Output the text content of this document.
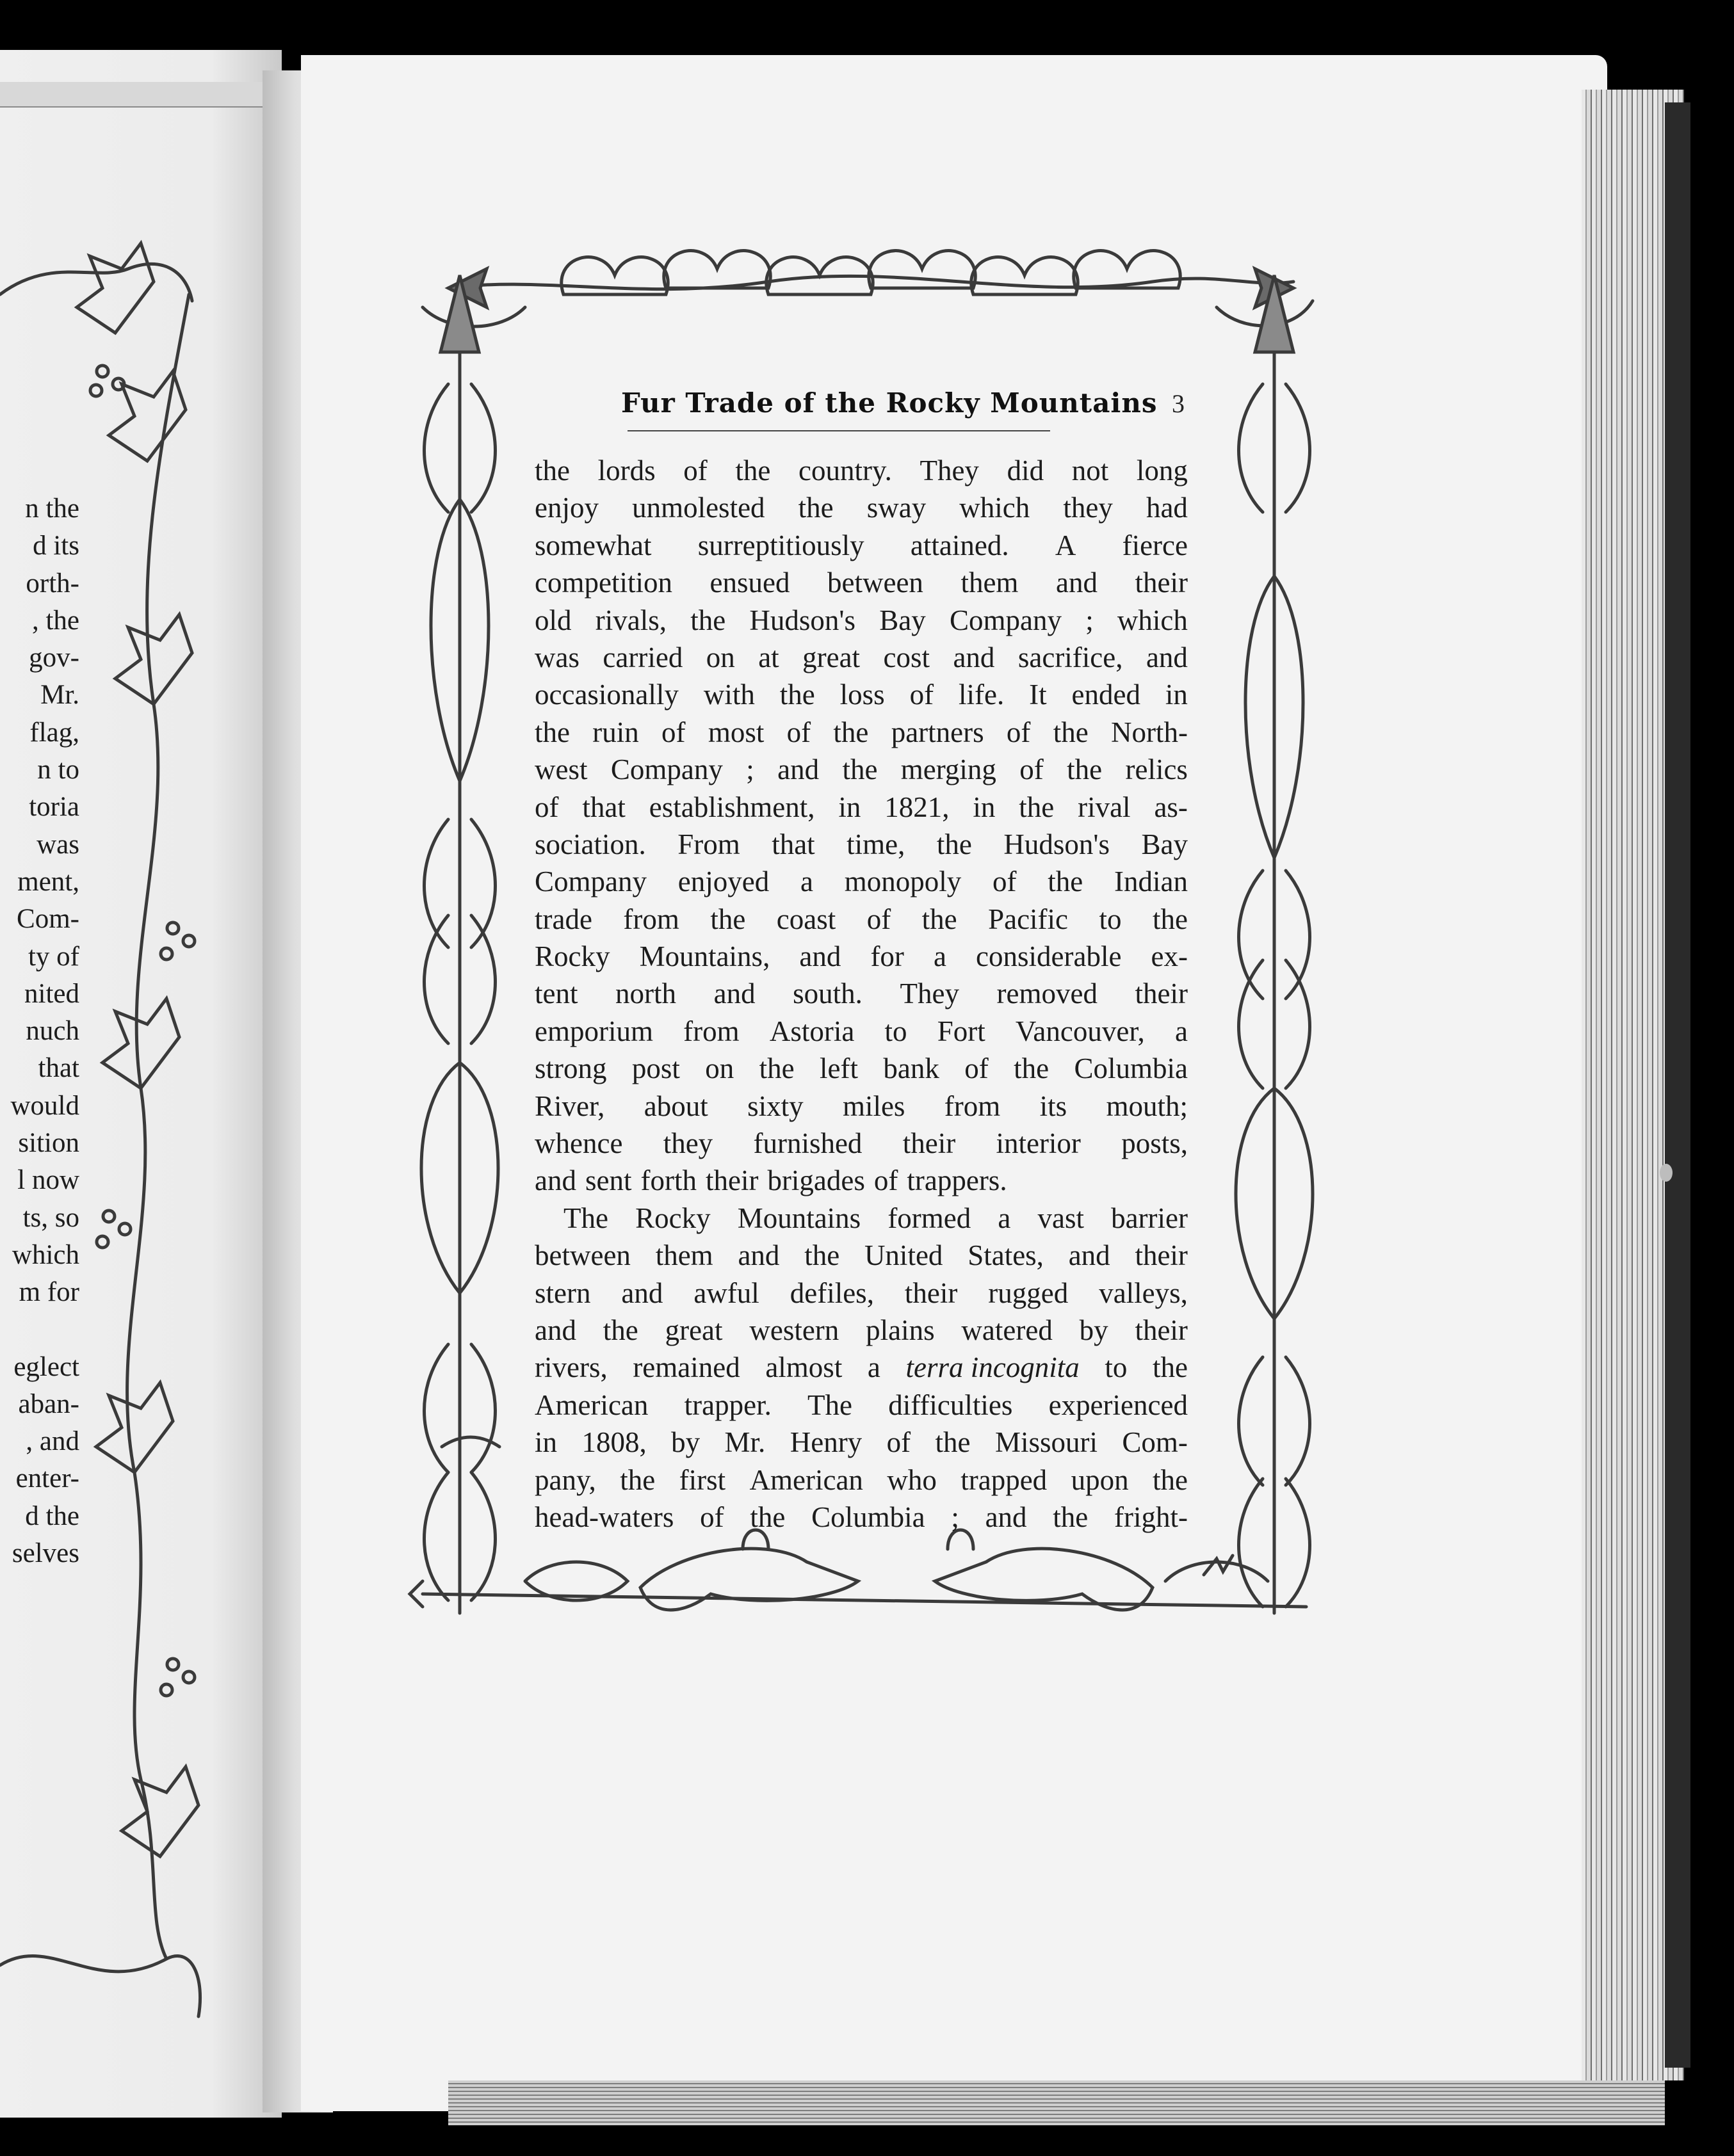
n the
d its
orth-
, the
gov-
Mr.
flag,
n to
toria
was
ment,
Com-
ty of
nited
nuch
that
would
sition
l now
ts, so
which
m for
eglect
aban-
, and
enter-
d the
selves
Fur Trade of the Rocky Mountains 3
the lords of the country. They did not long
enjoy unmolested the sway which they had
somewhat surreptitiously attained. A fierce
competition ensued between them and their
old rivals, the Hudson's Bay Company ; which
was carried on at great cost and sacrifice, and
occasionally with the loss of life. It ended in
the ruin of most of the partners of the North-
west Company ; and the merging of the relics
of that establishment, in 1821, in the rival as-
sociation. From that time, the Hudson's Bay
Company enjoyed a monopoly of the Indian
trade from the coast of the Pacific to the
Rocky Mountains, and for a considerable ex-
tent north and south. They removed their
emporium from Astoria to Fort Vancouver, a
strong post on the left bank of the Columbia
River, about sixty miles from its mouth;
whence they furnished their interior posts,
and sent forth their brigades of trappers.
The Rocky Mountains formed a vast barrier
between them and the United States, and their
stern and awful defiles, their rugged valleys,
and the great western plains watered by their
rivers, remained almost a terra incognita to the
American trapper. The difficulties experienced
in 1808, by Mr. Henry of the Missouri Com-
pany, the first American who trapped upon the
head-waters of the Columbia ; and the fright-
